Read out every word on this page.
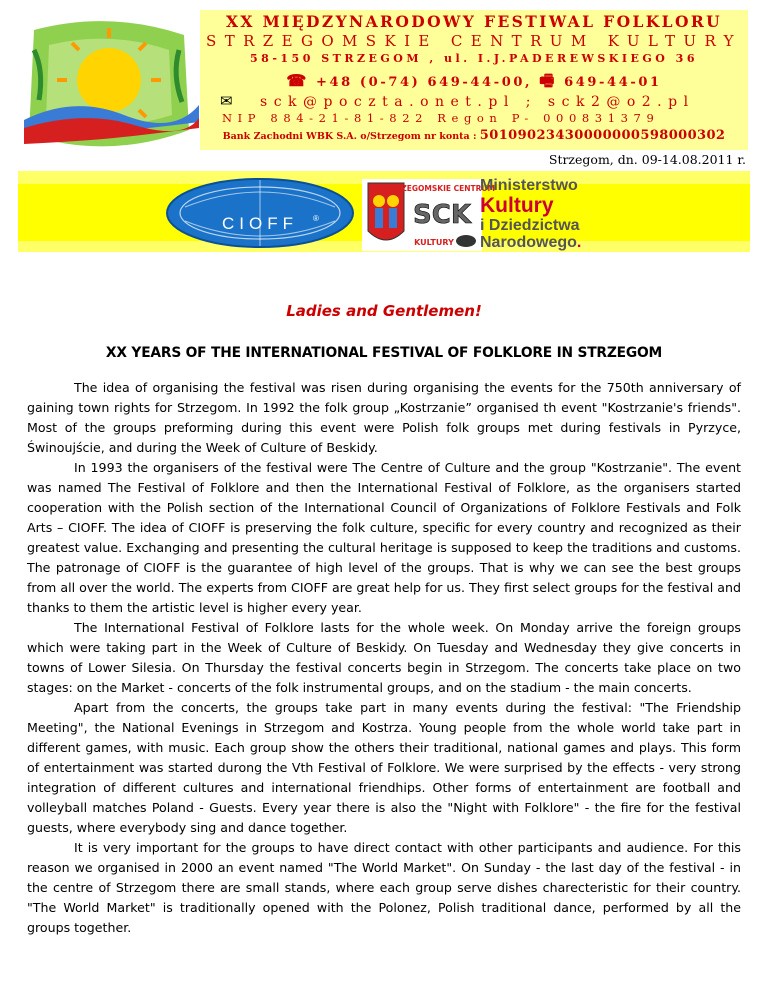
XX MIĘDZYNARODOWY FESTIWAL FOLKLORU
STRZEGOMSKIE CENTRUM KULTURY
58-150 STRZEGOM , ul. I.J.PADEREWSKIEGO 36
☎ +48 (0-74) 649-44-00, 🖷 649-44-01
✉ sck@poczta.onet.pl ; sck2@o2.pl
NIP 884-21-81-822 Regon P- 000831379
Bank Zachodni WBK S.A. o/Strzegom nr konta : 50109023430000000598000302
Strzegom, dn. 09-14.08.2011 r.
CIOFF ®
STRZEGOMSKIE CENTRUM
SCK
KULTURY
Ministerstwo
Kultury
i Dziedzictwa
Narodowego.
Ladies and Gentlemen!
XX YEARS OF THE INTERNATIONAL FESTIVAL OF FOLKLORE IN STRZEGOM

The idea of organising the festival was risen during organising the events for the 750th anniversary of gaining town rights for Strzegom. In 1992 the folk group „Kostrzanie” organised th event "Kostrzanie's friends". Most of the groups preforming during this event were Polish folk groups met during festivals in Pyrzyce, Świnoujście, and during the Week of Culture of Beskidy.

In 1993 the organisers of the festival were The Centre of Culture and the group "Kostrzanie". The event was named The Festival of Folklore and then the International Festival of Folklore, as the organisers started cooperation with the Polish section of the International Council of Organizations of Folklore Festivals and Folk Arts – CIOFF. The idea of CIOFF is preserving the folk culture, specific for every country and recognized as their greatest value. Exchanging and presenting the cultural heritage is supposed to keep the traditions and customs. The patronage of CIOFF is the guarantee of high level of the groups. That is why we can see the best groups from all over the world. The experts from CIOFF are great help for us. They first select groups for the festival and thanks to them the artistic level is higher every year.

The International Festival of Folklore lasts for the whole week. On Monday arrive the foreign groups which were taking part in the Week of Culture of Beskidy. On Tuesday and Wednesday they give concerts in towns of Lower Silesia. On Thursday the festival concerts begin in Strzegom. The concerts take place on two stages: on the Market - concerts of the folk instrumental groups, and on the stadium - the main concerts.

Apart from the concerts, the groups take part in many events during the festival: "The Friendship Meeting", the National Evenings in Strzegom and Kostrza. Young people from the whole world take part in different games, with music. Each group show the others their traditional, national games and plays. This form of entertainment was started durong the Vth Festival of Folklore. We were surprised by the effects - very strong integration of different cultures and international friendhips. Other forms of entertainment are football and volleyball matches Poland - Guests. Every year there is also the "Night with Folklore" - the fire for the festival guests, where everybody sing and dance together.

It is very important for the groups to have direct contact with other participants and audience. For this reason we organised in 2000 an event named "The World Market". On Sunday - the last day of the festival - in the centre of Strzegom there are small stands, where each group serve dishes charecteristic for their country. "The World Market" is traditionally opened with the Polonez, Polish traditional dance, performed by all the groups together.
